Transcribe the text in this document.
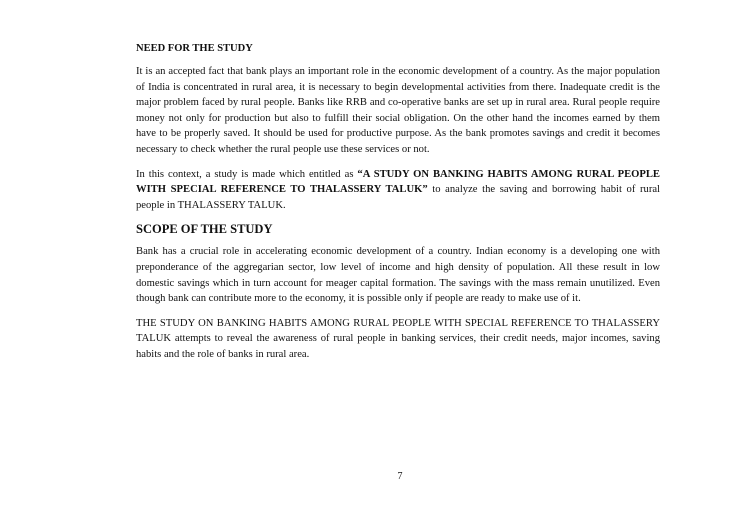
NEED FOR THE STUDY

It is an accepted fact that bank plays an important role in the economic development of a country. As the major population of India is concentrated in rural area, it is necessary to begin developmental activities from there. Inadequate credit is the major problem faced by rural people. Banks like RRB and co-operative banks are set up in rural area. Rural people require money not only for production but also to fulfill their social obligation. On the other hand the incomes earned by them have to be properly saved. It should be used for productive purpose. As the bank promotes savings and credit it becomes necessary to check whether the rural people use these services or not.

In this context, a study is made which entitled as “A STUDY ON BANKING HABITS AMONG RURAL PEOPLE WITH SPECIAL REFERENCE TO THALASSERY TALUK” to analyze the saving and borrowing habit of rural people in THALASSERY TALUK.

SCOPE OF THE STUDY

Bank has a crucial role in accelerating economic development of a country. Indian economy is a developing one with preponderance of the aggregarian sector, low level of income and high density of population. All these result in low domestic savings which in turn account for meager capital formation. The savings with the mass remain unutilized. Even though bank can contribute more to the economy, it is possible only if people are ready to make use of it.

THE STUDY ON BANKING HABITS AMONG RURAL PEOPLE WITH SPECIAL REFERENCE TO THALASSERY TALUK attempts to reveal the awareness of rural people in banking services, their credit needs, major incomes, saving habits and the role of banks in rural area.

7
